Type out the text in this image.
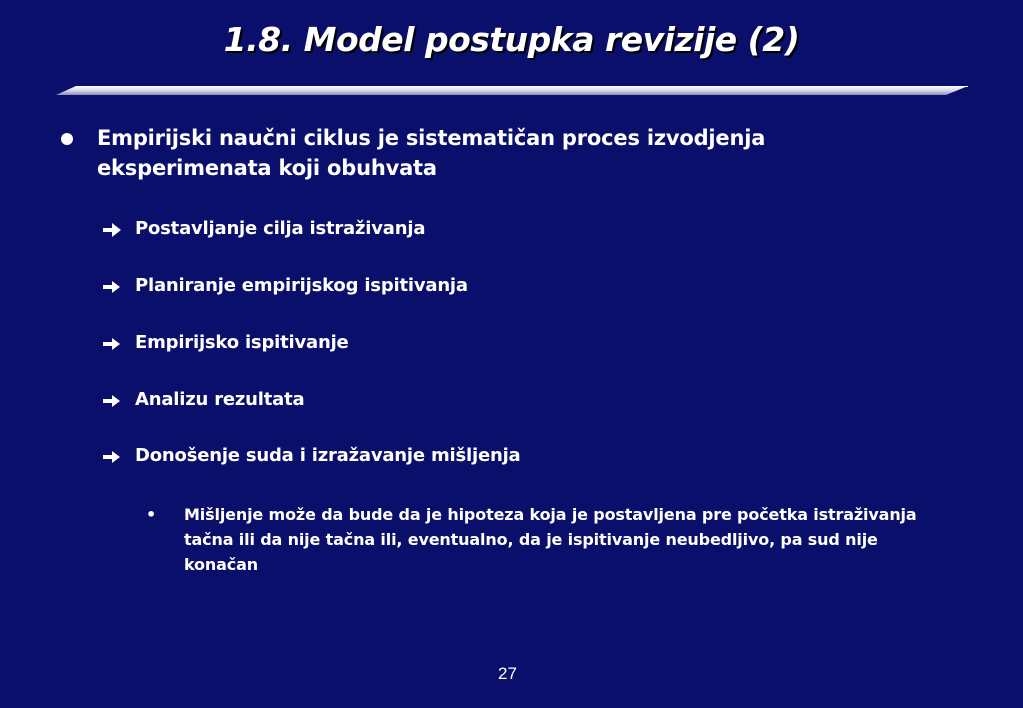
1.8. Model postupka revizije (2)
Empirijski naučni ciklus je sistematičan proces izvodjenja eksperimenata koji obuhvata
Postavljanje cilja istraživanja
Planiranje empirijskog ispitivanja
Empirijsko ispitivanje
Analizu rezultata
Donošenje suda i izražavanje mišljenja
• Mišljenje može da bude da je hipoteza koja je postavljena pre početka istraživanja tačna ili da nije tačna ili, eventualno, da je ispitivanje neubedljivo, pa sud nije konačan
27
